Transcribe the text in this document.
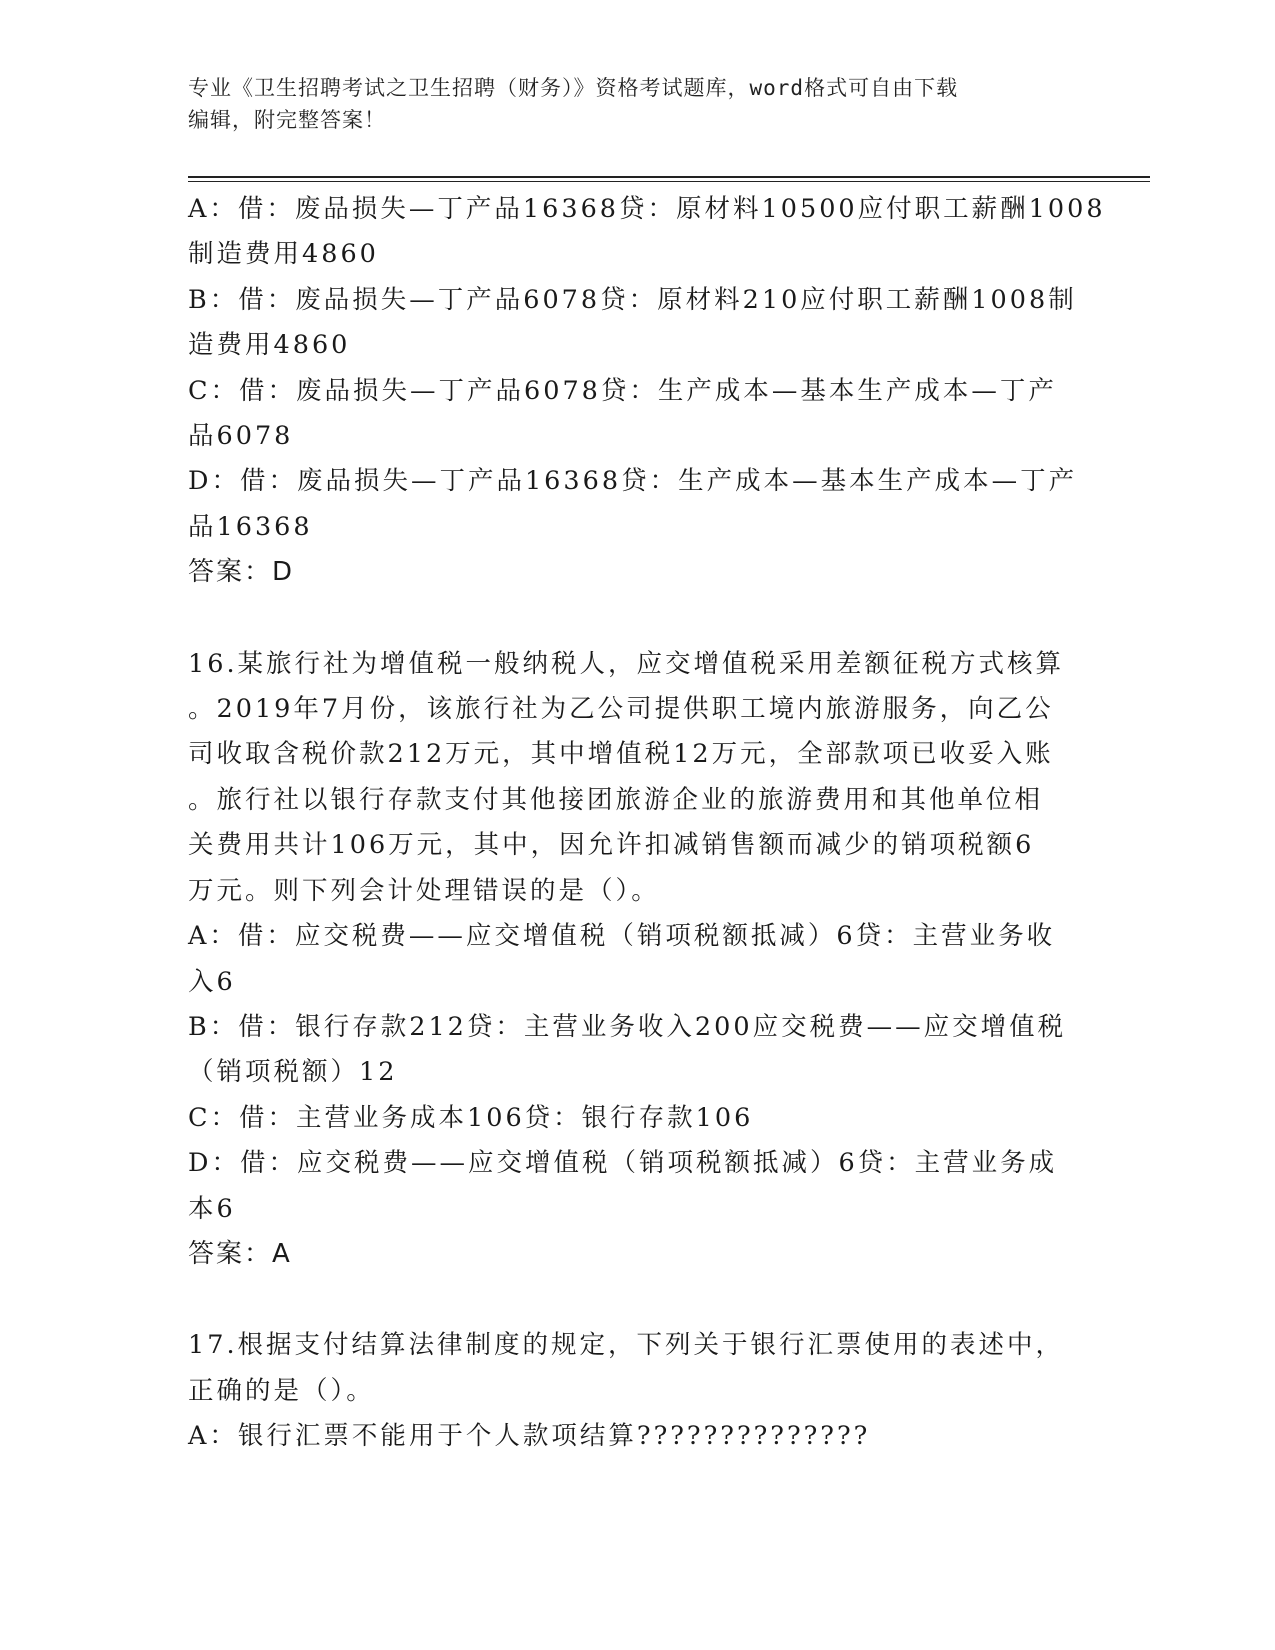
专业《卫生招聘考试之卫生招聘（财务）》资格考试题库，word格式可自由下载
编辑，附完整答案！
A：借：废品损失—丁产品16368贷：原材料10500应付职工薪酬1008
制造费用4860
B：借：废品损失—丁产品6078贷：原材料210应付职工薪酬1008制
造费用4860
C：借：废品损失—丁产品6078贷：生产成本—基本生产成本—丁产
品6078
D：借：废品损失—丁产品16368贷：生产成本—基本生产成本—丁产
品16368
答案：D
16.某旅行社为增值税一般纳税人，应交增值税采用差额征税方式核算
。2019年7月份，该旅行社为乙公司提供职工境内旅游服务，向乙公
司收取含税价款212万元，其中增值税12万元，全部款项已收妥入账
。旅行社以银行存款支付其他接团旅游企业的旅游费用和其他单位相
关费用共计106万元，其中，因允许扣减销售额而减少的销项税额6
万元。则下列会计处理错误的是（）。
A：借：应交税费——应交增值税（销项税额抵减）6贷：主营业务收
入6
B：借：银行存款212贷：主营业务收入200应交税费——应交增值税
（销项税额）12
C：借：主营业务成本106贷：银行存款106
D：借：应交税费——应交增值税（销项税额抵减）6贷：主营业务成
本6
答案：A
17.根据支付结算法律制度的规定，下列关于银行汇票使用的表述中，
正确的是（）。
A：银行汇票不能用于个人款项结算??????????????
